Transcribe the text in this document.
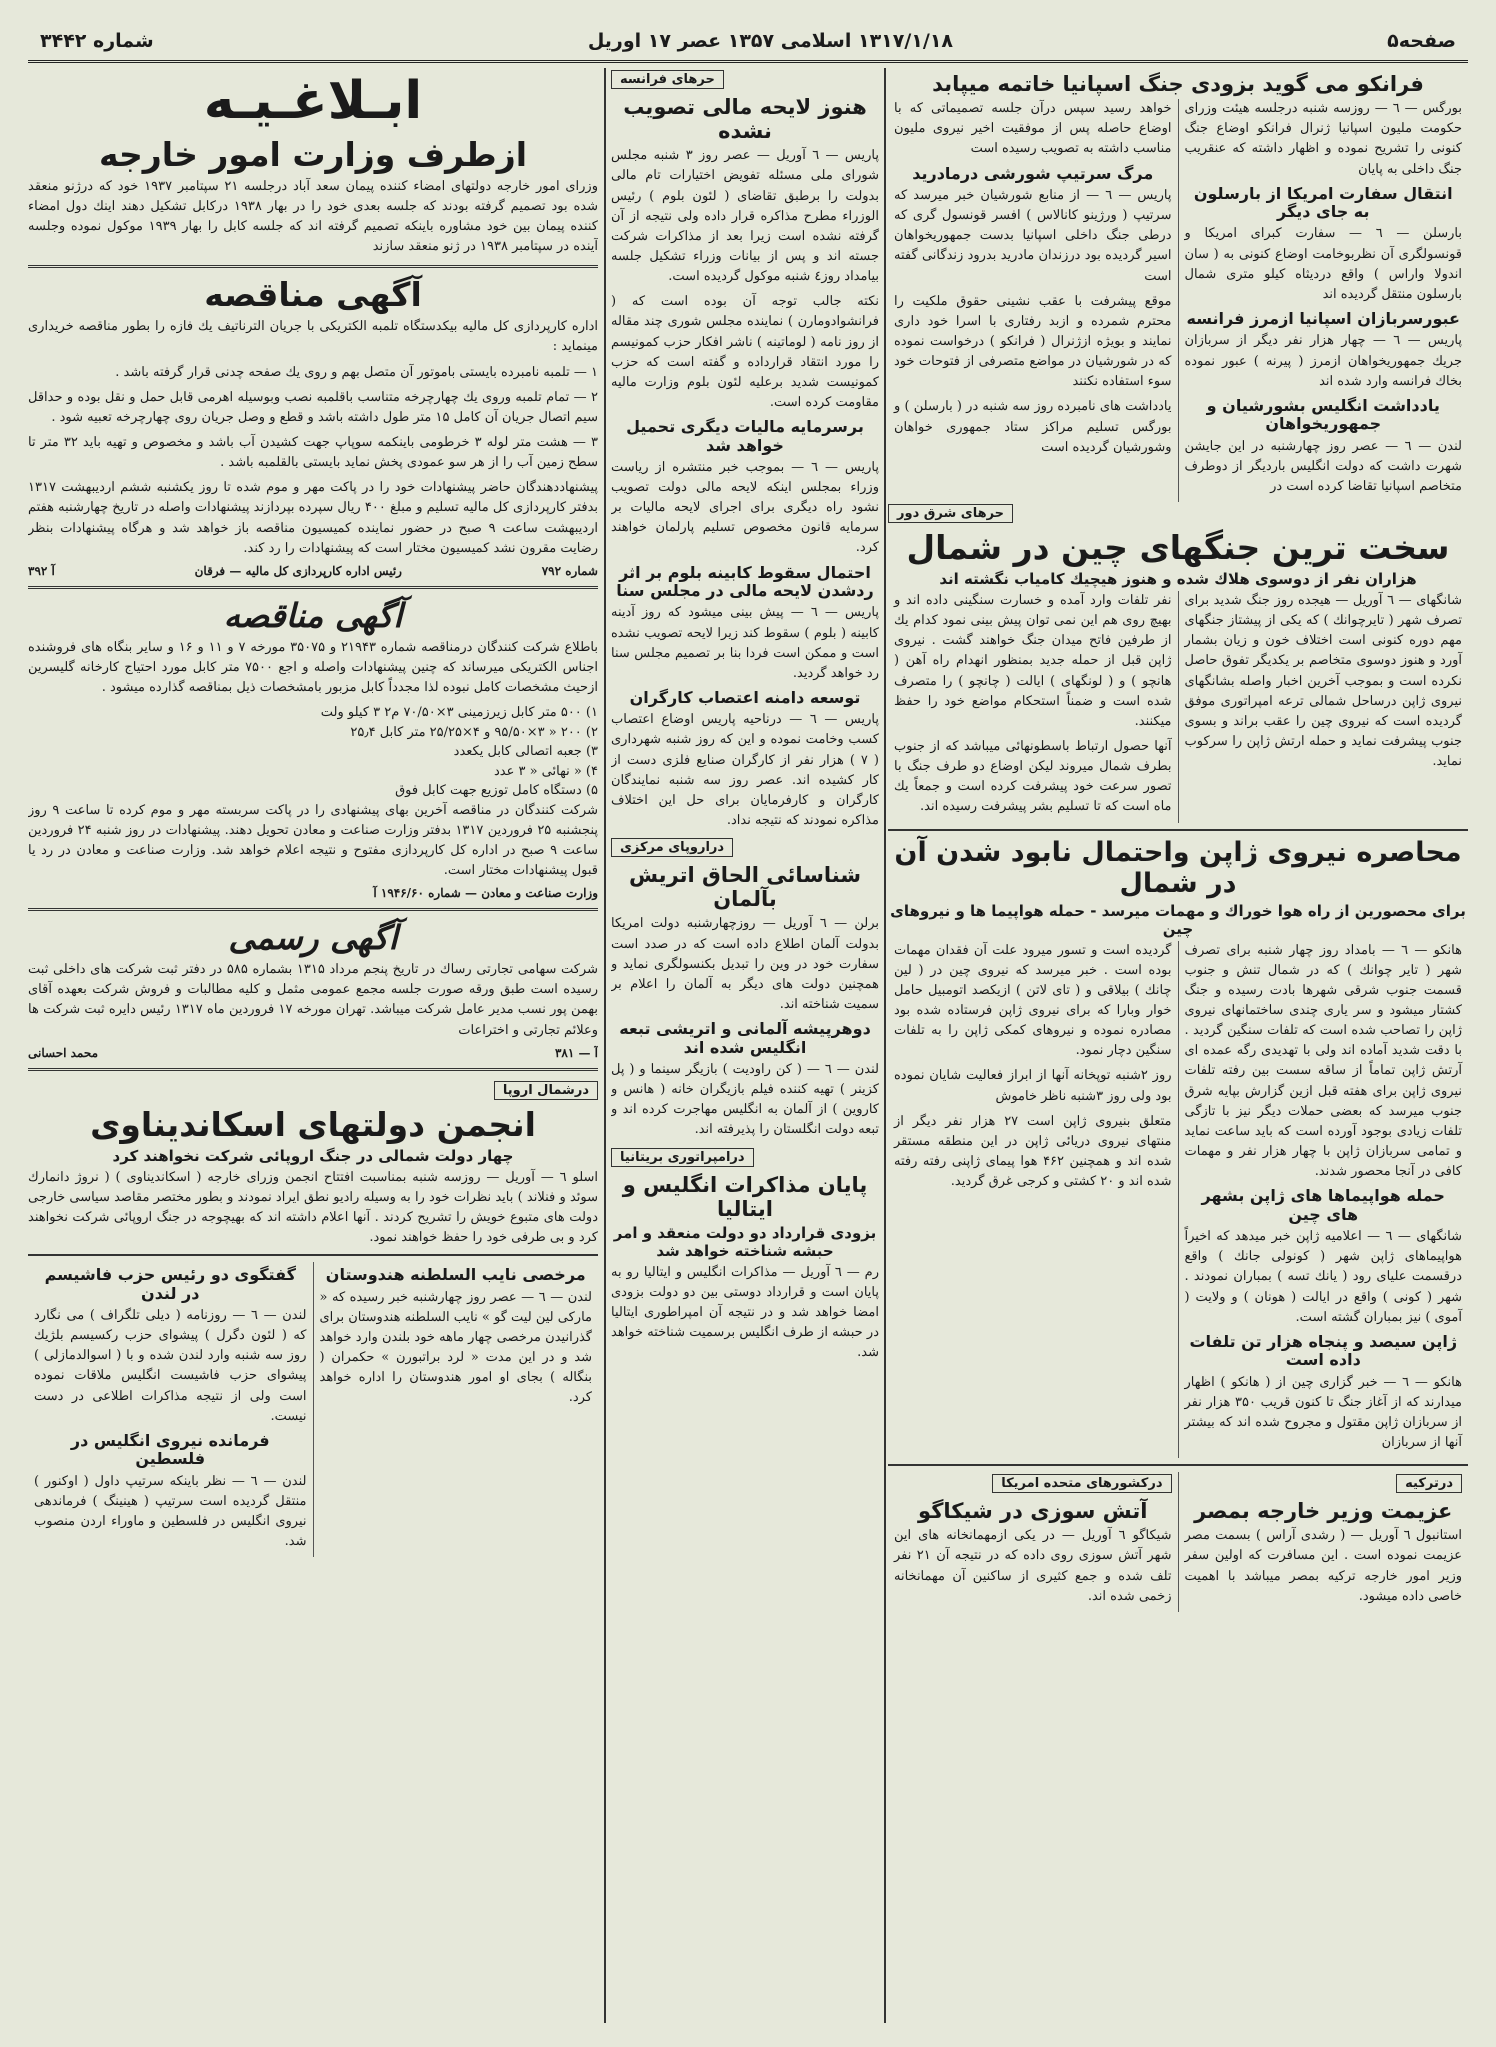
صفحه۵
۱۳۱۷/۱/۱۸ اسلامی ۱۳۵۷ عصر ۱۷ اوریل
شماره ۳۴۴۲
فرانکو می گوید بزودی جنگ اسپانیا خاتمه میپابد

بورگس — ٦ — روزسه شنبه درجلسه هیئت وزرای حکومت ملیون اسپانیا ژنرال فرانکو اوضاع جنگ کنونی را تشریح نموده و اظهار داشته که عنقریب جنگ داخلی به پایان

انتقال سفارت امریکا از بارسلون به جای دیگر

بارسلن — ٦ — سفارت کبرای امریکا و قونسولگری آن نظربوخامت اوضاع کنونی به ( سان اندولا واراس ) واقع دردیثاه کیلو متری شمال بارسلون منتقل گردیده اند

عبورسربازان اسپانیا ازمرز فرانسه

پاریس — ٦ — چهار هزار نفر دیگر از سربازان جریك جمهوریخواهان ازمرز ( پیرنه ) عبور نموده بخاك فرانسه وارد شده اند

یادداشت انگلیس بشورشیان و جمهوریخواهان

لندن — ٦ — عصر روز چهارشنبه در این جایشن شهرت داشت که دولت انگلیس بارديگر از دوطرف متخاصم اسپانیا تقاضا کرده است در

خواهد رسید سپس درآن جلسه تصمیماتی که با اوضاع حاصله پس از موفقیت اخیر نیروی ملیون مناسب داشته به تصویب رسیده است

مرگ سرتیپ شورشی درمادرید

پاریس — ٦ — از منابع شورشیان خبر میرسد که سرتیپ ( ورژینو کانالاس ) افسر قونسول گری که درطی جنگ داخلی اسپانیا بدست جمهوریخواهان اسیر گردیده بود درزندان مادرید بدرود زندگانی گفته است

موقع پیشرفت با عقب نشینی حقوق ملکیت را محترم شمرده و ازبد رفتاری با اسرا خود داری نمایند و بویژه ازژنرال ( فرانکو ) درخواست نموده که در شورشیان در مواضع متصرفی از فتوحات خود سوء استفاده نکنند

یادداشت های نامبرده روز سه شنبه در ( بارسلن ) و بورگس تسلیم مراکز ستاد جمهوری خواهان وشورشیان گردیده است

حرهای شرق دور
سخت ترین جنگهای چین در شمال
هزاران نفر از دوسوی هلاك شده و هنوز هیچیك كامیاب نگشته اند

شانگهای — ٦ آوریل — هیجده روز جنگ شدید برای تصرف شهر ( تایرچوانك ) که یکی از پیشتاز جنگهای مهم دوره کنونی است اختلاف خون و زیان بشمار آورد و هنوز دوسوی متخاصم بر یکدیگر تفوق حاصل نکرده است و بموجب آخرین اخبار واصله بشانگهای نیروی ژاپن درساحل شمالی ترعه امپراتوری موفق گردیده است که نیروی چین را عقب براند و بسوی جنوب پیشرفت نماید و حمله ارتش ژاپن را سرکوب نماید.

نفر تلفات وارد آمده و خسارت سنگینی داده اند و بهیچ روی هم این نمی توان پیش بینی نمود کدام یك از طرفین فاتح میدان جنگ خواهند گشت . نیروی ژاپن قبل از حمله جدید بمنظور انهدام راه آهن ( هانچو ) و ( لونگهای ) ایالت ( چانچو ) را متصرف شده است و ضمناً استحکام مواضع خود را حفظ میکنند.

آنها حصول ارتباط باسطونهائی میباشد که از جنوب بطرف شمال میروند لیکن اوضاع دو طرف جنگ با تصور سرعت خود پیشرفت کرده است و جمعاً یك ماه است که تا تسلیم بشر پیشرفت رسیده اند.

محاصره نیروی ژاپن واحتمال نابود شدن آن در شمال
برای محصورین از راه هوا خوراك و مهمات میرسد - حمله هواپیما ها و نیروهای چین

هانکو — ٦ — بامداد روز چهار شنبه برای تصرف شهر ( تایر چوانك ) که در شمال تنش و جنوب قسمت جنوب شرقی شهرها بادت رسیده و جنگ کشتار میشود و سر یاری چندی ساختمانهای نیروی ژاپن را تصاحب شده است که تلفات سنگین گردید . با دقت شدید آماده اند ولی با تهدیدی رگه عمده ای آرتش ژاپن تماماً از ساقه سست بین رفته تلفات نیروی ژاپن برای هفته قبل ازین گزارش بپایه شرق جنوب میرسد که بعضی حملات دیگر نیز با تازگی تلفات زیادی بوجود آورده است که باید ساعت نماید و تمامی سربازان ژاپن با چهار هزار نفر و مهمات کافی در آنجا محصور شدند.

حمله هواپیماها های ژاپن بشهر های چین

شانگهای — ٦ — اعلامیه ژاپن خبر میدهد که اخیراً هواپیماهای ژاپن شهر ( کونولی جانك ) واقع درقسمت علیای رود ( یانك تسه ) بمباران نمودند . شهر ( کونی ) واقع در ایالت ( هونان ) و ولایت ( آموی ) نیز بمباران گشته است.

ژاپن سیصد و پنجاه هزار تن تلفات داده است

هانکو — ٦ — خبر گزاری چین از ( هانکو ) اظهار میدارند که از آغاز جنگ تا کنون قریب ۳۵۰ هزار نفر از سربازان ژاپن مقتول و مجروح شده اند که بیشتر آنها از سربازان

گردیده است و تسور میرود علت آن فقدان مهمات بوده است . خبر میرسد که نیروی چین در ( لین چانك ) بیلاقی و ( تای لاتن ) ازیکصد اتومبیل حامل خوار وبارا که برای نیروی ژاپن فرستاده شده بود مصادره نموده و نیروهای کمکی ژاپن را به تلفات سنگین دچار نمود.

روز ۲شنبه توپخانه آنها از ابراز فعالیت شایان نموده بود ولی روز ۳شنبه ناظر خاموش

متعلق بنیروی ژاپن است ۲۷ هزار نفر دیگر از منتهای نیروی دریائی ژاپن در این منطقه مستقر شده اند و همچنین ۴۶۲ هوا پیمای ژاپنی رفته رفته شده اند و ۲۰ کشتی و کرجی غرق گردید.

درترکیه
عزیمت وزیر خارجه بمصر

استانبول ٦ آوریل — ( رشدی آراس ) بسمت مصر عزیمت نموده است . این مسافرت که اولین سفر وزیر امور خارجه ترکیه بمصر میباشد با اهمیت خاصی داده میشود.

درکشورهای متحده امریکا
آتش سوزی در شیکاگو

شیکاگو ٦ آوریل — در یکی ازمهمانخانه های این شهر آتش سوزی روی داده که در نتیجه آن ۲۱ نفر تلف شده و جمع کثیری از ساکنین آن مهمانخانه زخمی شده اند.

حرهای فرانسه
هنوز لایحه مالی تصویب نشده

پاریس — ٦ آوریل — عصر روز ۳ شنبه مجلس شورای ملی مسئله تفویض اختیارات تام مالی بدولت را برطبق تقاضای ( لئون بلوم ) رئیس الوزراء مطرح مذاکره قرار داده ولی نتیجه از آن گرفته نشده است زیرا بعد از مذاکرات شرکت جسته اند و پس از بیانات وزراء تشکیل جلسه بیامداد روز٤ شنبه موکول گردیده است.

نکته جالب توجه آن بوده است که ( فرانشوادومارن ) نماینده مجلس شوری چند مقاله از روز نامه ( لوماتینه ) ناشر افکار حزب کمونیسم را مورد انتقاد قرارداده و گفته است که حزب کمونیست شدید برعلیه لئون بلوم وزارت مالیه مقاومت کرده است.

برسرمایه مالیات دیگری تحمیل خواهد شد

پاریس — ٦ — بموجب خبر منتشره از ریاست وزراء بمجلس اینکه لایحه مالی دولت تصویب نشود راه دیگری برای اجرای لایحه مالیات بر سرمایه قانون مخصوص تسلیم پارلمان خواهند کرد.

احتمال سقوط کابینه بلوم بر اثر ردشدن لایحه مالی در مجلس سنا

پاریس — ٦ — پیش بینی میشود که روز آدینه کابینه ( بلوم ) سقوط کند زیرا لایحه تصویب نشده است و ممکن است فردا بنا بر تصمیم مجلس سنا رد خواهد گردید.

توسعه دامنه اعتصاب کارگران

پاریس — ٦ — درناحیه پاریس اوضاع اعتصاب کسب وخامت نموده و این که روز شنبه شهرداری ( ۷ ) هزار نفر از کارگران صنایع فلزی دست از کار کشیده اند. عصر روز سه شنبه نمایندگان کارگران و کارفرمایان برای حل این اختلاف مذاکره نمودند که نتیجه نداد.

دراروپای مرکزی
شناسائی الحاق اتریش بآلمان

برلن — ٦ آوریل — روزچهارشنبه دولت امریکا بدولت آلمان اطلاع داده است که در صدد است سفارت خود در وین را تبدیل بکنسولگری نماید و همچنین دولت های دیگر به آلمان را اعلام بر سمیت شناخته اند.

دوهرپیشه آلمانی و اتریشی تبعه انگلیس شده اند

لندن — ٦ — ( کن راودیت ) بازیگر سینما و ( پل کزینر ) تهیه کننده فیلم بازیگران خانه ( هانس و کاروین ) از آلمان به انگلیس مهاجرت کرده اند و تبعه دولت انگلستان را پذیرفته اند.

درامپراتوری بریتانیا
پایان مذاکرات انگلیس و ایتالیا
بزودی قرارداد دو دولت منعقد و امر حبشه شناخته خواهد شد

رم — ٦ آوریل — مذاکرات انگلیس و ایتالیا رو به پایان است و قرارداد دوستی بین دو دولت بزودی امضا خواهد شد و در نتیجه آن امپراطوری ایتالیا در حبشه از طرف انگلیس برسمیت شناخته خواهد شد.

ابـلاغـیـه
ازطرف وزارت امور خارجه

وزرای امور خارجه دولتهای امضاء کننده پیمان سعد آباد درجلسه ۲۱ سپتامبر ۱۹۳۷ خود که درژنو منعقد شده بود تصمیم گرفته بودند که جلسه بعدی خود را در بهار ۱۹۳۸ درکابل تشکیل دهند اینك دول امضاء کننده پیمان بین خود مشاوره باینکه تصمیم گرفته اند که جلسه کابل را بهار ۱۹۳۹ موکول نموده وجلسه آینده در سپتامبر ۱۹۳۸ در ژنو منعقد سازند

آگهی مناقصه

اداره کارپردازی کل مالیه بیکدستگاه تلمبه الکتریکی با جریان الترناتیف یك فازه را بطور مناقصه خریداری مینماید :

۱ — تلمبه نامبرده بایستی باموتور آن متصل بهم و روی یك صفحه چدنی قرار گرفته باشد .

۲ — تمام تلمبه وروی یك چهارچرخه متناسب باقلمبه نصب وبوسیله اهرمی قابل حمل و نقل بوده و حداقل سیم اتصال جریان آن کامل ۱۵ متر طول داشته باشد و قطع و وصل جریان روی چهارچرخه تعبیه شود .

۳ — هشت متر لوله ۳ خرطومی باینکمه سوپاپ جهت کشیدن آب باشد و مخصوص و تهیه باید ۳۲ متر تا سطح زمین آب را از هر سو عمودی پخش نماید بایستی بالقلمبه باشد .

پیشنهاددهندگان حاضر پیشنهادات خود را در پاکت مهر و موم شده تا روز یکشنبه ششم اردیبهشت ۱۳۱۷ بدفتر کارپردازی کل مالیه تسلیم و مبلغ ۴۰۰ ریال سپرده بپردازند پیشنهادات واصله در تاریخ چهارشنبه هفتم اردیبهشت ساعت ۹ صبح در حضور نماینده کمیسیون مناقصه باز خواهد شد و هرگاه پیشنهادات بنظر رضایت مقرون نشد کمیسیون مختار است که پیشنهادات را رد کند.

شماره ۷۹۲
رئیس اداره کارپردازی کل مالیه — فرقان
آ ۳۹۲
آگهی مناقصه

باطلاع شرکت کنندگان درمناقصه شماره ۲۱۹۴۳ و ۳۵۰۷۵ مورخه ۷ و ۱۱ و ۱۶ و سایر بنگاه های فروشنده اجناس الکتریکی میرساند که چنین پیشنهادات واصله و اجع ۷۵۰۰ متر کابل مورد احتیاج کارخانه گلیسرین ازحیث مشخصات کامل نبوده لذا مجدداً کابل مزبور بامشخصات ذیل بمناقصه گذارده میشود .

۱) ۵۰۰ متر کابل زیرزمینی ۳×۷۰/۵۰ م۲ ۳ کیلو ولت
۲) ۲۰۰ « ۳×۹۵/۵۰ و ۴×۲۵/۲۵ متر کابل ۲۵٫۴
۳) جعبه اتصالی کابل یکعدد
۴) « نهائی « ۳ عدد
۵) دستگاه کامل توزیع جهت کابل فوق

شرکت کنندگان در مناقصه آخرین بهای پیشنهادی را در پاکت سربسته مهر و موم کرده تا ساعت ۹ روز پنجشنبه ۲۵ فروردین ۱۳۱۷ بدفتر وزارت صناعت و معادن تحویل دهند. پیشنهادات در روز شنبه ۲۴ فروردین ساعت ۹ صبح در اداره کل کارپردازی مفتوح و نتیجه اعلام خواهد شد. وزارت صناعت و معادن در رد یا قبول پیشنهادات مختار است.

وزارت صناعت و معادن — شماره ۱۹۴۶/۶۰ آ
آگهی رسمی

شرکت سهامی تجارتی رساك در تاریخ پنجم مرداد ۱۳۱۵ بشماره ۵۸۵ در دفتر ثبت شرکت های داخلی ثبت رسیده است طبق ورقه صورت جلسه مجمع عمومی مثمل و کلیه مطالبات و فروش شرکت بعهده آقای بهمن پور نسب مدیر عامل شرکت میباشد. تهران مورخه ۱۷ فروردین ماه ۱۳۱۷ رئیس دایره ثبت شرکت ها وعلائم تجارتی و اختراعات

آ — ۳۸۱
محمد احسانی
درشمال اروپا
انجمن دولتهای اسکاندیناوی
چهار دولت شمالی در جنگ اروپائی شرکت نخواهند کرد

اسلو ٦ — آوریل — روزسه شنبه بمناسبت افتتاح انجمن وزرای خارجه ( اسکاندیناوی ) ( نروژ دانمارك سوئد و فنلاند ) باید نظرات خود را به وسیله رادیو نطق ایراد نمودند و بطور مختصر مقاصد سیاسی خارجی دولت های متبوع خویش را تشریح کردند . آنها اعلام داشته اند که بهیچوجه در جنگ اروپائی شرکت نخواهند کرد و بی طرفی خود را حفظ خواهند نمود.

مرخصی نایب السلطنه هندوستان

لندن — ٦ — عصر روز چهارشنبه خبر رسیده که « مارکی لین لیت گو » نایب السلطنه هندوستان برای گذرانیدن مرخصی چهار ماهه خود بلندن وارد خواهد شد و در این مدت « لرد براتبورن » حکمران ( بنگاله ) بجای او امور هندوستان را اداره خواهد کرد.

گفتگوی دو رئیس حزب فاشیسم در لندن

لندن — ٦ — روزنامه ( دیلی تلگراف ) می نگارد که ( لئون دگرل ) پیشوای حزب رکسیسم بلژیك روز سه شنبه وارد لندن شده و با ( اسوالدمازلی ) پیشوای حزب فاشیست انگلیس ملاقات نموده است ولی از نتیجه مذاکرات اطلاعی در دست نیست.

فرمانده نیروی انگلیس در فلسطین

لندن — ٦ — نظر باینکه سرتیپ داول ( اوکنور ) منتقل گردیده است سرتیپ ( هینینگ ) فرماندهی نیروی انگلیس در فلسطین و ماوراء اردن منصوب شد.
